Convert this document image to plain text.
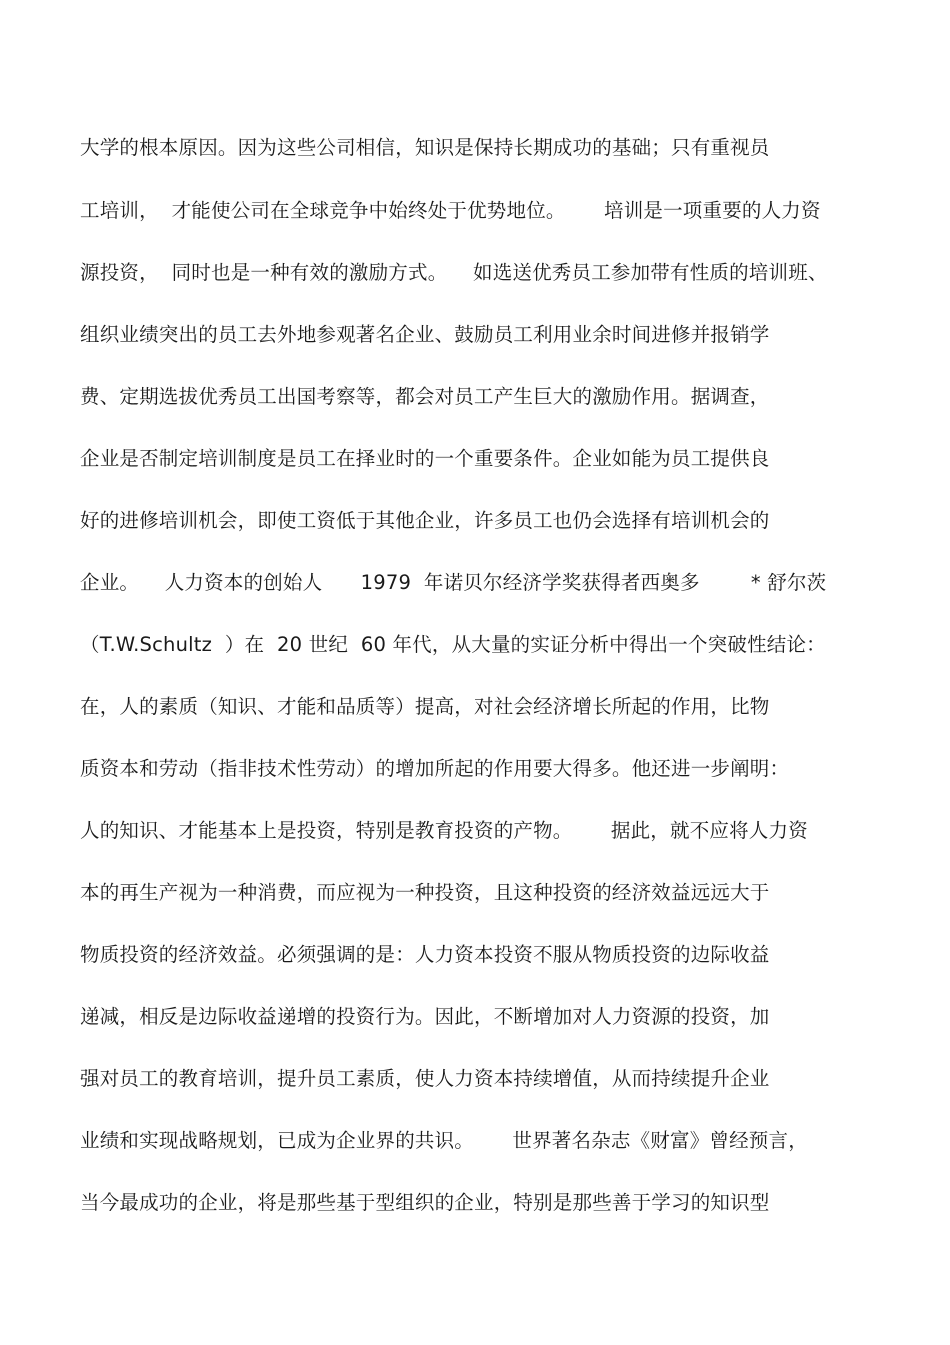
大学的根本原因。因为这些公司相信，知识是保持长期成功的基础；只有重视员
工培训，  才能使公司在全球竞争中始终处于优势地位。      培训是一项重要的人力资
源投资，  同时也是一种有效的激励方式。    如选送优秀员工参加带有性质的培训班、
组织业绩突出的员工去外地参观著名企业、鼓励员工利用业余时间进修并报销学
费、定期选拔优秀员工出国考察等，都会对员工产生巨大的激励作用。据调查，
企业是否制定培训制度是员工在择业时的一个重要条件。企业如能为员工提供良
好的进修培训机会，即使工资低于其他企业，许多员工也仍会选择有培训机会的
企业。    人力资本的创始人      1979  年诺贝尔经济学奖获得者西奥多        * 舒尔茨
（T.W.Schultz  ）在  20 世纪  60 年代，从大量的实证分析中得出一个突破性结论：
在，人的素质（知识、才能和品质等）提高，对社会经济增长所起的作用，比物
质资本和劳动（指非技术性劳动）的增加所起的作用要大得多。他还进一步阐明：
人的知识、才能基本上是投资，特别是教育投资的产物。      据此，就不应将人力资
本的再生产视为一种消费，而应视为一种投资，且这种投资的经济效益远远大于
物质投资的经济效益。必须强调的是：人力资本投资不服从物质投资的边际收益
递减，相反是边际收益递增的投资行为。因此，不断增加对人力资源的投资，加
强对员工的教育培训，提升员工素质，使人力资本持续增值，从而持续提升企业
业绩和实现战略规划，已成为企业界的共识。      世界著名杂志《财富》曾经预言，
当今最成功的企业，将是那些基于型组织的企业，特别是那些善于学习的知识型
